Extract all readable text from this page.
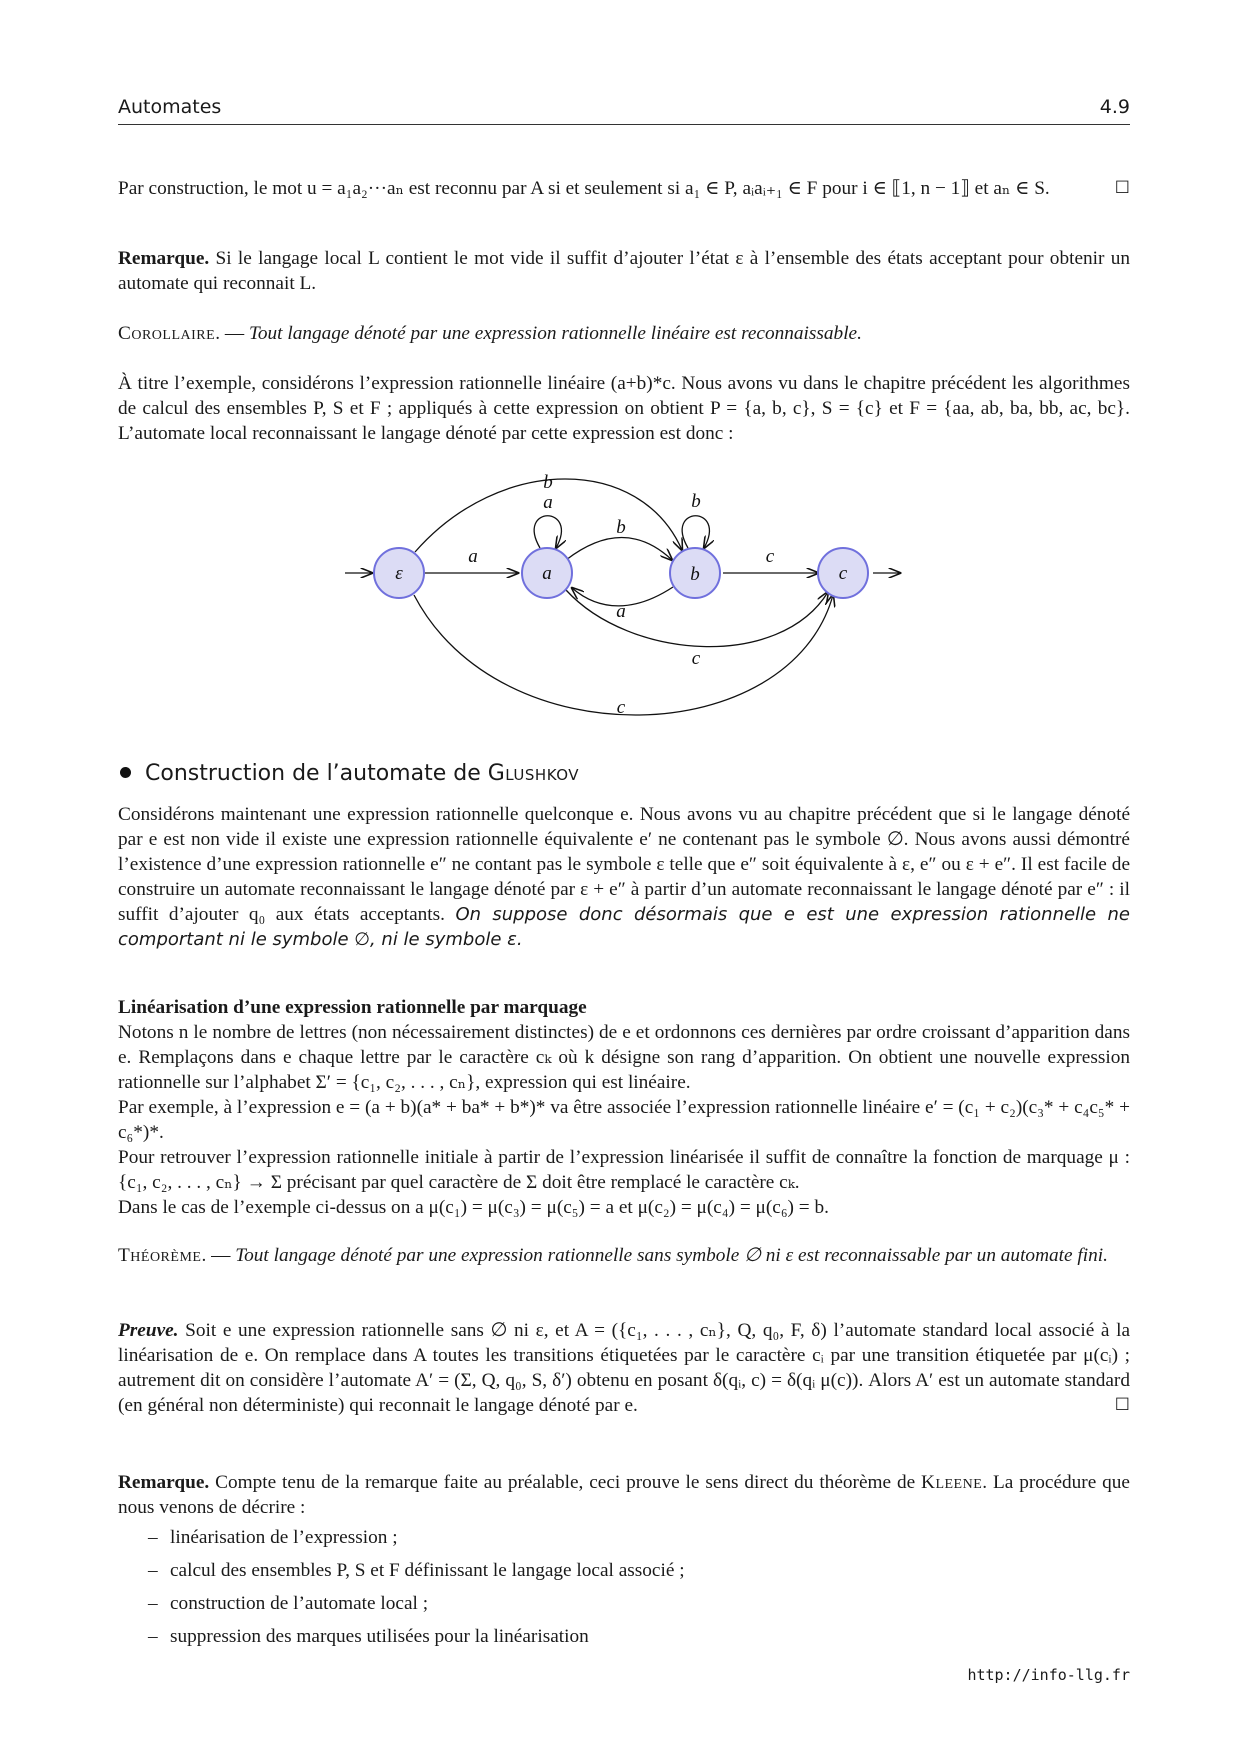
Automates	4.9
Par construction, le mot u = a₁a₂···aₙ est reconnu par A si et seulement si a₁ ∈ P, aᵢaᵢ₊₁ ∈ F pour i ∈ ⟦1, n − 1⟧ et aₙ ∈ S.	☐
Remarque. Si le langage local L contient le mot vide il suffit d’ajouter l’état ε à l’ensemble des états acceptant pour obtenir un automate qui reconnait L.
Corollaire. — Tout langage dénoté par une expression rationnelle linéaire est reconnaissable.
À titre l’exemple, considérons l’expression rationnelle linéaire (a+b)*c. Nous avons vu dans le chapitre précédent les algorithmes de calcul des ensembles P, S et F ; appliqués à cette expression on obtient P = {a, b, c}, S = {c} et F = {aa, ab, ba, bb, ac, bc}. L’automate local reconnaissant le langage dénoté par cette expression est donc :
ε	a	b	c
b
a	b
b
a	c
a
c
c
Construction de l’automate de Glushkov
Considérons maintenant une expression rationnelle quelconque e. Nous avons vu au chapitre précédent que si le langage dénoté par e est non vide il existe une expression rationnelle équivalente e′ ne contenant pas le symbole ∅. Nous avons aussi démontré l’existence d’une expression rationnelle e″ ne contant pas le symbole ε telle que e″ soit équivalente à ε, e″ ou ε + e″. Il est facile de construire un automate reconnaissant le langage dénoté par ε + e″ à partir d’un automate reconnaissant le langage dénoté par e″ : il suffit d’ajouter q₀ aux états acceptants. On suppose donc désormais que e est une expression rationnelle ne comportant ni le symbole ∅, ni le symbole ε.
Linéarisation d’une expression rationnelle par marquage
Notons n le nombre de lettres (non nécessairement distinctes) de e et ordonnons ces dernières par ordre croissant d’apparition dans e. Remplaçons dans e chaque lettre par le caractère cₖ où k désigne son rang d’apparition. On obtient une nouvelle expression rationnelle sur l’alphabet Σ′ = {c₁, c₂, . . . , cₙ}, expression qui est linéaire.
Par exemple, à l’expression e = (a + b)(a* + ba* + b*)* va être associée l’expression rationnelle linéaire e′ = (c₁ + c₂)(c₃* + c₄c₅* + c₆*)*.
Pour retrouver l’expression rationnelle initiale à partir de l’expression linéarisée il suffit de connaître la fonction de marquage μ : {c₁, c₂, . . . , cₙ} → Σ précisant par quel caractère de Σ doit être remplacé le caractère cₖ.
Dans le cas de l’exemple ci-dessus on a μ(c₁) = μ(c₃) = μ(c₅) = a et μ(c₂) = μ(c₄) = μ(c₆) = b.
Théorème. — Tout langage dénoté par une expression rationnelle sans symbole ∅ ni ε est reconnaissable par un automate fini.
Preuve. Soit e une expression rationnelle sans ∅ ni ε, et A = ({c₁, . . . , cₙ}, Q, q₀, F, δ) l’automate standard local associé à la linéarisation de e. On remplace dans A toutes les transitions étiquetées par le caractère cᵢ par une transition étiquetée par μ(cᵢ) ; autrement dit on considère l’automate A′ = (Σ, Q, q₀, S, δ′) obtenu en posant δ(qᵢ, c) = δ(qᵢ μ(c)). Alors A′ est un automate standard (en général non déterministe) qui reconnait le langage dénoté par e.	☐
Remarque. Compte tenu de la remarque faite au préalable, ceci prouve le sens direct du théorème de Kleene. La procédure que nous venons de décrire :
– linéarisation de l’expression ;
– calcul des ensembles P, S et F définissant le langage local associé ;
– construction de l’automate local ;
– suppression des marques utilisées pour la linéarisation
http://info-llg.fr
